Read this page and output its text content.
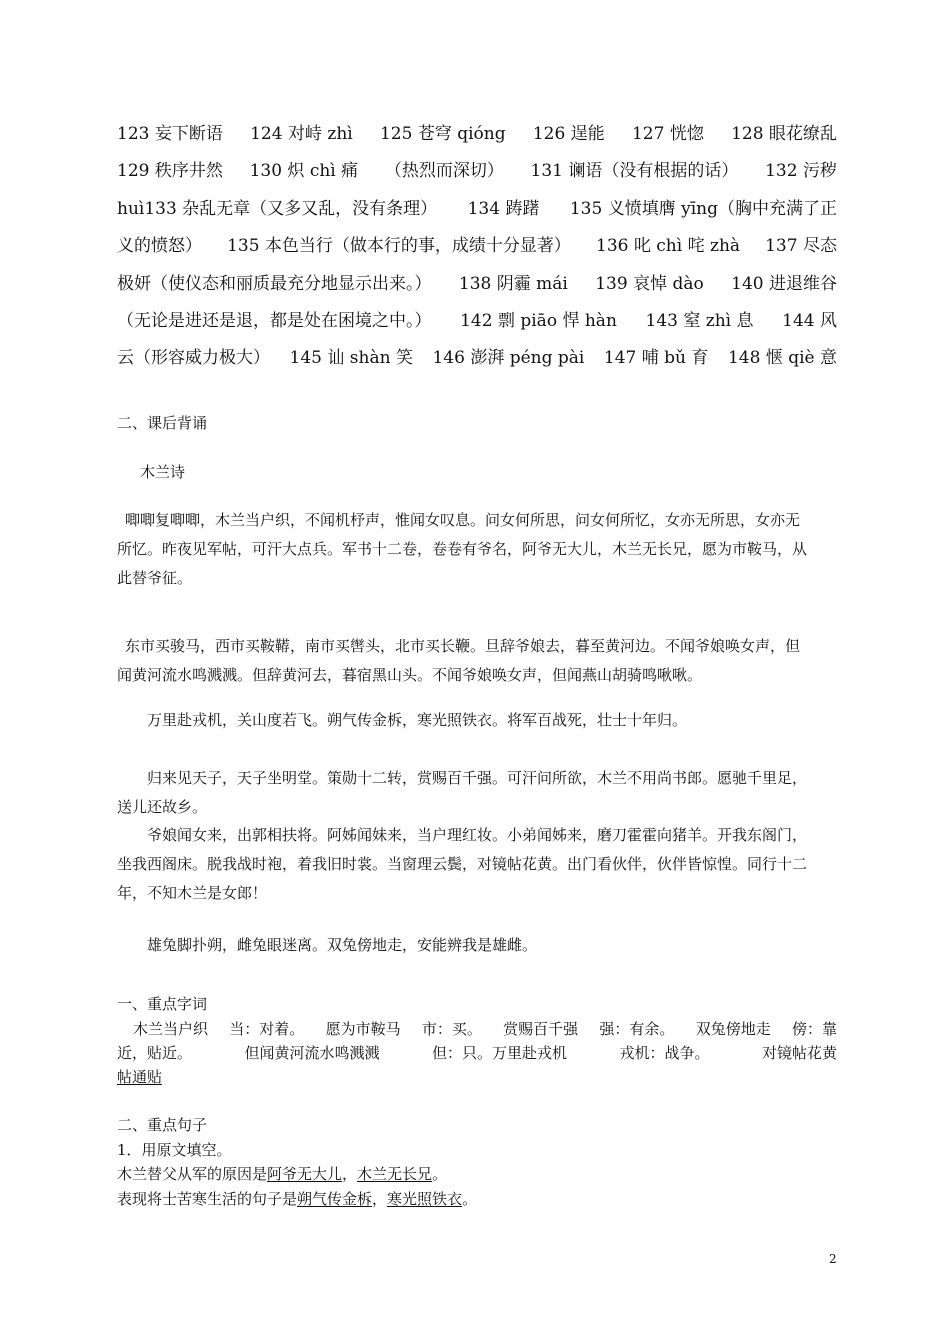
123 妄下断语 124 对峙 zhì 125 苍穹 qióng 126 逞能 127 恍惚 128 眼花缭乱
129 秩序井然 130 炽 chì 痛 （热烈而深切） 131 谰语（没有根据的话） 132 污秽
huì133 杂乱无章（又多又乱，没有条理） 134 踌躇 135 义愤填膺 yīng（胸中充满了正
义的愤怒） 135 本色当行（做本行的事，成绩十分显著） 136 叱 chì 咤 zhà 137 尽态
极妍（使仪态和丽质最充分地显示出来。） 138 阴霾 mái 139 哀悼 dào 140 进退维谷
（无论是进还是退，都是处在困境之中。） 142 剽 piāo 悍 hàn 143 窒 zhì 息 144 风
云（形容威力极大） 145 讪 shàn 笑 146 澎湃 péng pài 147 哺 bǔ 育 148 惬 qiè 意
二、课后背诵
木兰诗
唧唧复唧唧，木兰当户织，不闻机杼声，惟闻女叹息。问女何所思，问女何所忆，女亦无所思，女亦无
所忆。昨夜见军帖，可汗大点兵。军书十二卷，卷卷有爷名，阿爷无大儿，木兰无长兄，愿为市鞍马，从
此替爷征。
东市买骏马，西市买鞍鞯，南市买辔头，北市买长鞭。旦辞爷娘去，暮至黄河边。不闻爷娘唤女声，但
闻黄河流水鸣溅溅。但辞黄河去，暮宿黑山头。不闻爷娘唤女声，但闻燕山胡骑鸣啾啾。
万里赴戎机，关山度若飞。朔气传金柝，寒光照铁衣。将军百战死，壮士十年归。
归来见天子，天子坐明堂。策勋十二转，赏赐百千强。可汗问所欲，木兰不用尚书郎。愿驰千里足，
送儿还故乡。
爷娘闻女来，出郭相扶将。阿姊闻妹来，当户理红妆。小弟闻姊来，磨刀霍霍向猪羊。开我东阁门，
坐我西阁床。脱我战时袍，着我旧时裳。当窗理云鬓，对镜帖花黄。出门看伙伴，伙伴皆惊惶。同行十二
年，不知木兰是女郎！
雄兔脚扑朔，雌兔眼迷离。双兔傍地走，安能辨我是雄雌。
一、重点字词
木兰当户织 当：对着。 愿为市鞍马 市：买。 赏赐百千强 强：有余。 双兔傍地走 傍：靠
近，贴近。	但闻黄河流水鸣溅溅	但：只。万里赴戎机	戎机：战争。	对镜帖花黄
帖通贴
二、重点句子
1．用原文填空。
木兰替父从军的原因是阿爷无大儿，木兰无长兄。
表现将士苦寒生活的句子是朔气传金柝，寒光照铁衣。
2
